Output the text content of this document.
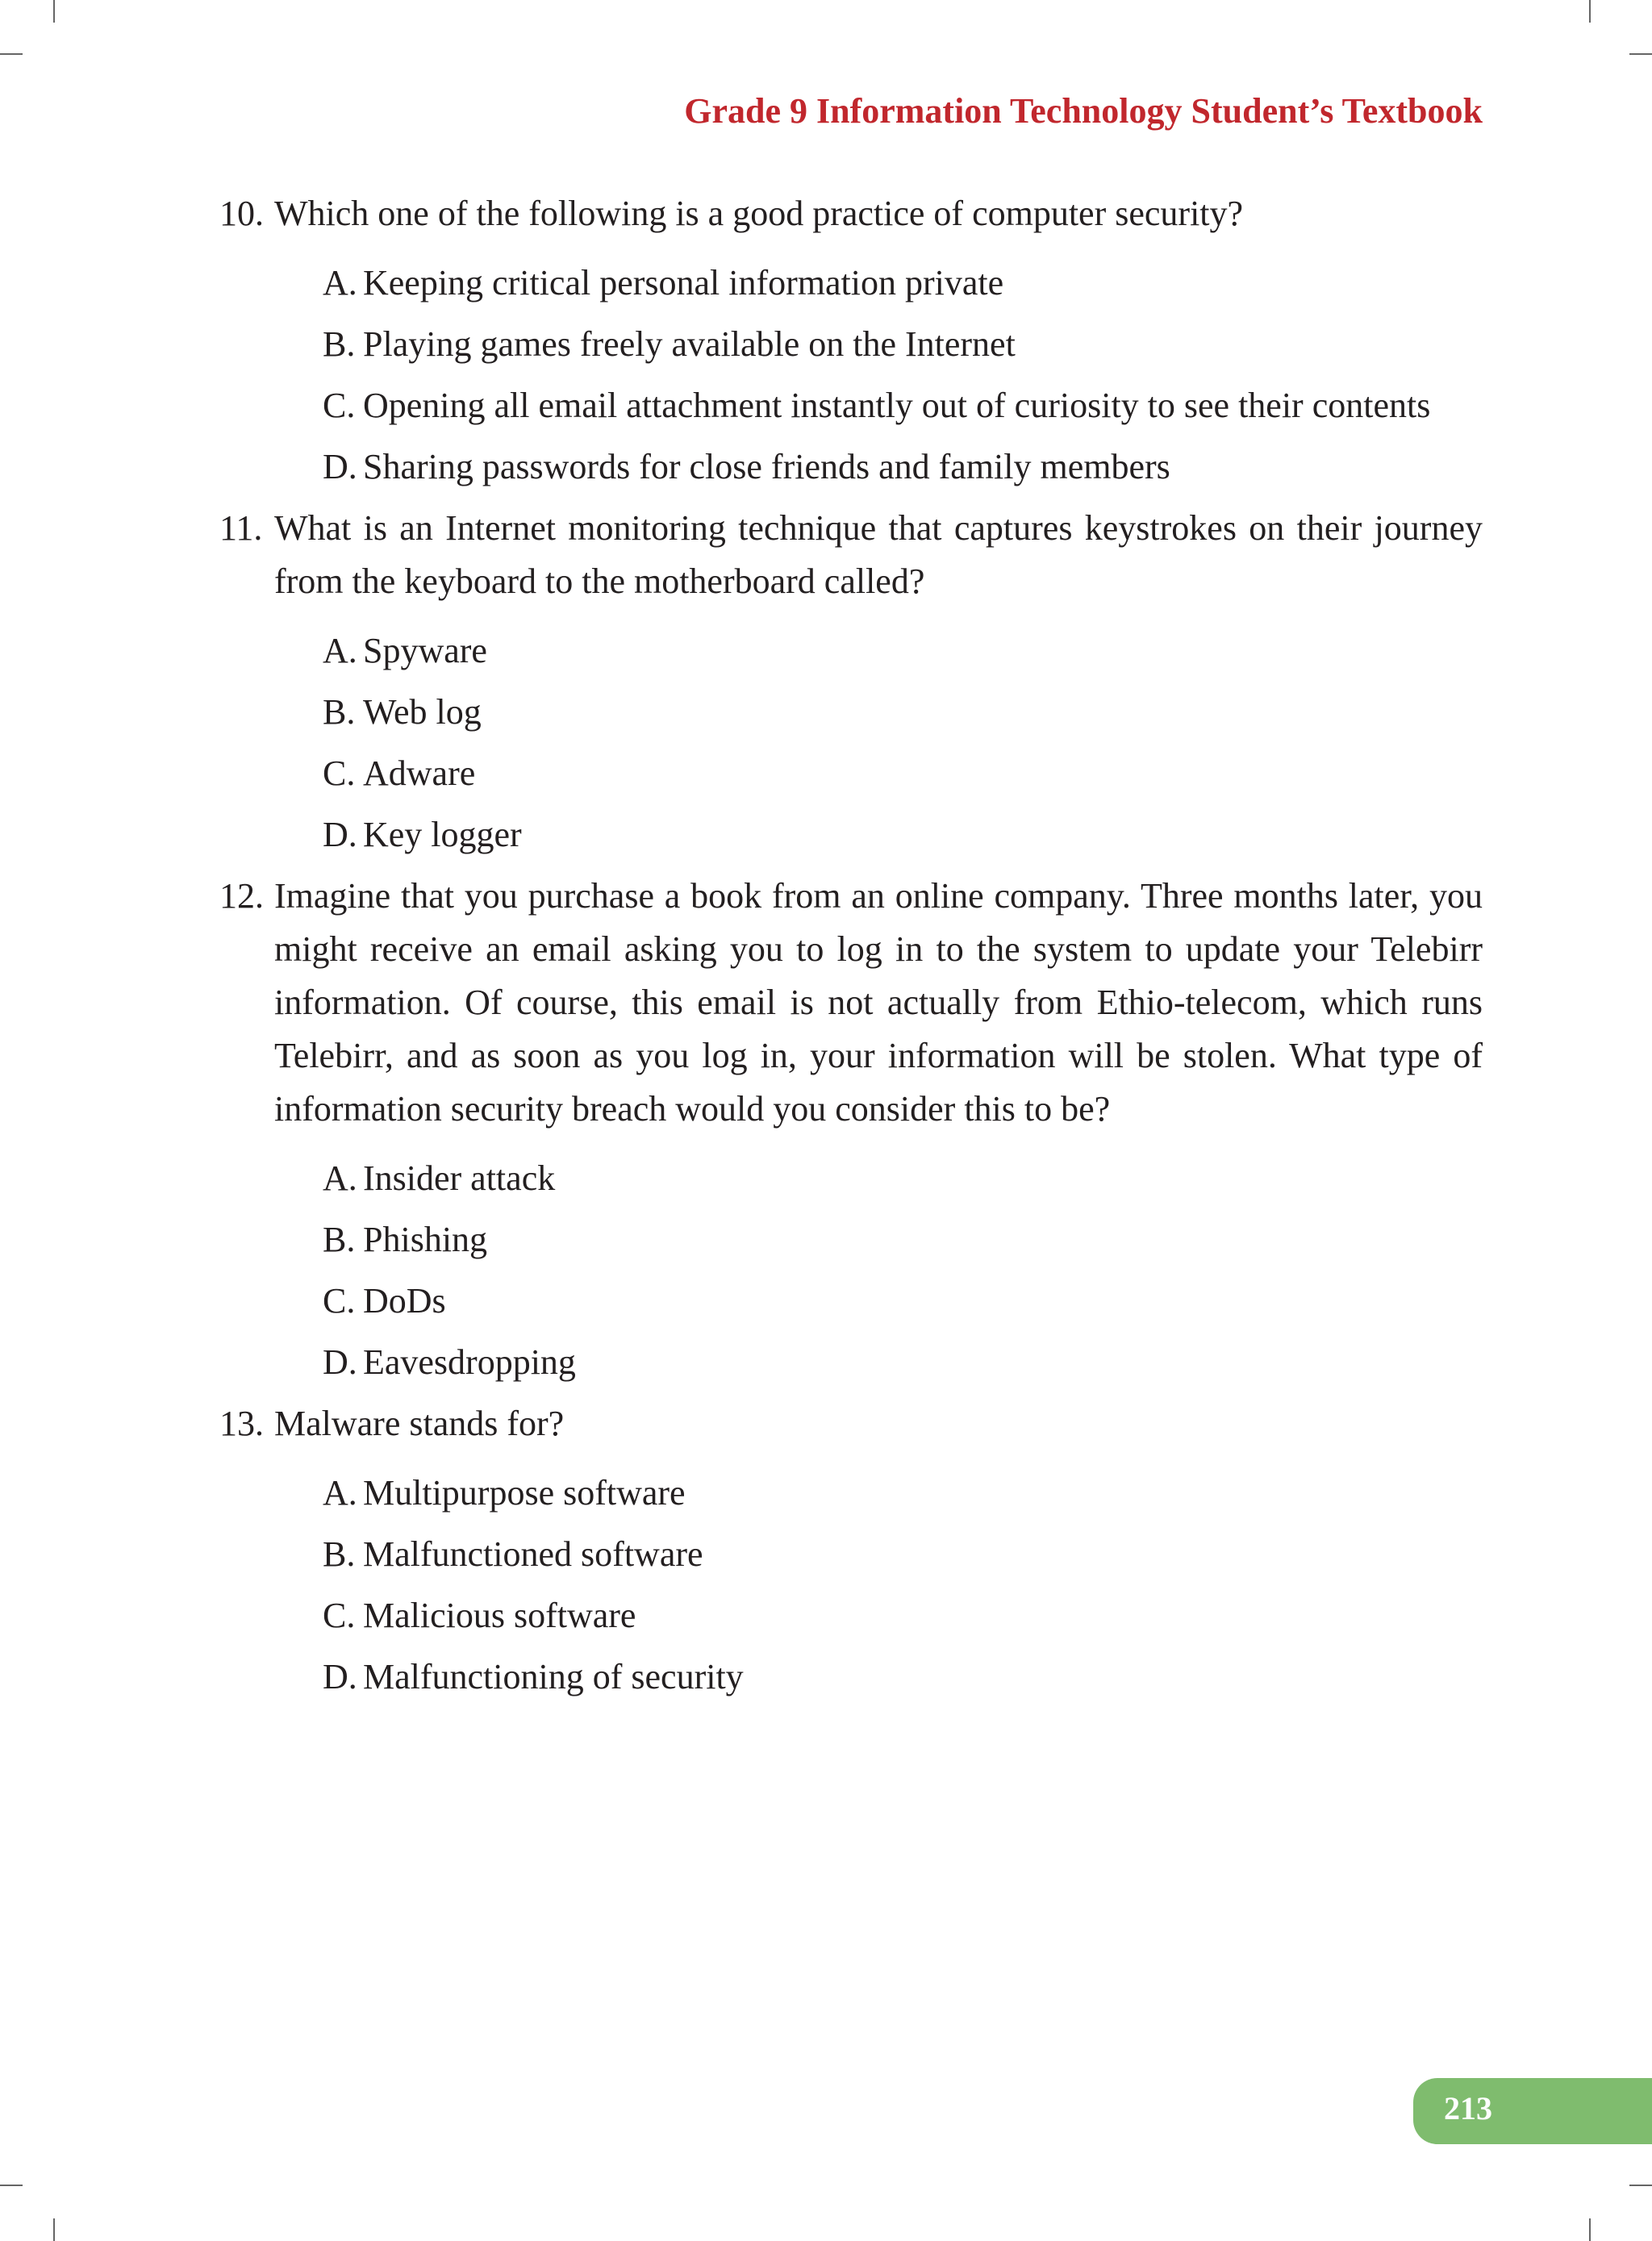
Grade 9 Information Technology Student’s Textbook
10. Which one of the following is a good practice of computer security?
A. Keeping critical personal information private
B. Playing games freely available on the Internet
C. Opening all email attachment instantly out of curiosity to see their contents
D. Sharing passwords for close friends and family members
11. What is an Internet monitoring technique that captures keystrokes on their journey from the keyboard to the motherboard called?
A. Spyware
B. Web log
C. Adware
D. Key logger
12. Imagine that you purchase a book from an online company. Three months later, you might receive an email asking you to log in to the system to update your Telebirr information. Of course, this email is not actually from Ethio-telecom, which runs Telebirr, and as soon as you log in, your information will be stolen. What type of information security breach would you consider this to be?
A. Insider attack
B. Phishing
C. DoDs
D. Eavesdropping
13. Malware stands for?
A. Multipurpose software
B. Malfunctioned software
C. Malicious software
D. Malfunctioning of security
213
